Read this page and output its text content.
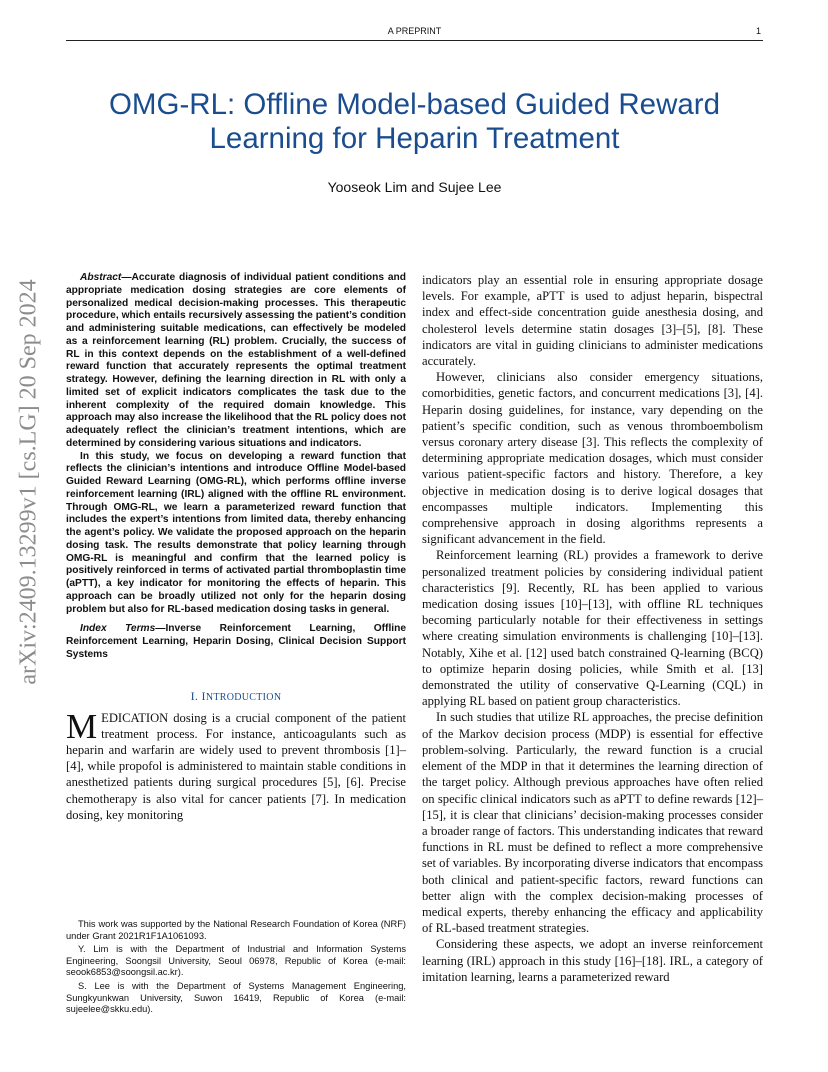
A PREPRINT	1
OMG-RL: Offline Model-based Guided Reward Learning for Heparin Treatment
Yooseok Lim and Sujee Lee
arXiv:2409.13299v1 [cs.LG] 20 Sep 2024

Abstract—Accurate diagnosis of individual patient conditions and appropriate medication dosing strategies are core elements of personalized medical decision-making processes. This therapeutic procedure, which entails recursively assessing the patient’s condition and administering suitable medications, can effectively be modeled as a reinforcement learning (RL) problem. Crucially, the success of RL in this context depends on the establishment of a well-defined reward function that accurately represents the optimal treatment strategy. However, defining the learning direction in RL with only a limited set of explicit indicators complicates the task due to the inherent complexity of the required domain knowledge. This approach may also increase the likelihood that the RL policy does not adequately reflect the clinician’s treatment intentions, which are determined by considering various situations and indicators.

In this study, we focus on developing a reward function that reflects the clinician’s intentions and introduce Offline Model-based Guided Reward Learning (OMG-RL), which performs offline inverse reinforcement learning (IRL) aligned with the offline RL environment. Through OMG-RL, we learn a parameterized reward function that includes the expert’s intentions from limited data, thereby enhancing the agent’s policy. We validate the proposed approach on the heparin dosing task. The results demonstrate that policy learning through OMG-RL is meaningful and confirm that the learned policy is positively reinforced in terms of activated partial thromboplastin time (aPTT), a key indicator for monitoring the effects of heparin. This approach can be broadly utilized not only for the heparin dosing problem but also for RL-based medication dosing tasks in general.

Index Terms—Inverse Reinforcement Learning, Offline Reinforcement Learning, Heparin Dosing, Clinical Decision Support Systems

I. INTRODUCTION

MEDICATION dosing is a crucial component of the patient treatment process. For instance, anticoagulants such as heparin and warfarin are widely used to prevent thrombosis [1]–[4], while propofol is administered to maintain stable conditions in anesthetized patients during surgical procedures [5], [6]. Precise chemotherapy is also vital for cancer patients [7]. In medication dosing, key monitoring

This work was supported by the National Research Foundation of Korea (NRF) under Grant 2021R1F1A1061093.

Y. Lim is with the Department of Industrial and Information Systems Engineering, Soongsil University, Seoul 06978, Republic of Korea (e-mail: seook6853@soongsil.ac.kr).

S. Lee is with the Department of Systems Management Engineering, Sungkyunkwan University, Suwon 16419, Republic of Korea (e-mail: sujeelee@skku.edu).

indicators play an essential role in ensuring appropriate dosage levels. For example, aPTT is used to adjust heparin, bispectral index and effect-side concentration guide anesthesia dosing, and cholesterol levels determine statin dosages [3]–[5], [8]. These indicators are vital in guiding clinicians to administer medications accurately.

However, clinicians also consider emergency situations, comorbidities, genetic factors, and concurrent medications [3], [4]. Heparin dosing guidelines, for instance, vary depending on the patient’s specific condition, such as venous thromboembolism versus coronary artery disease [3]. This reflects the complexity of determining appropriate medication dosages, which must consider various patient-specific factors and history. Therefore, a key objective in medication dosing is to derive logical dosages that encompasses multiple indicators. Implementing this comprehensive approach in dosing algorithms represents a significant advancement in the field.

Reinforcement learning (RL) provides a framework to derive personalized treatment policies by considering individual patient characteristics [9]. Recently, RL has been applied to various medication dosing issues [10]–[13], with offline RL techniques becoming particularly notable for their effectiveness in settings where creating simulation environments is challenging [10]–[13]. Notably, Xihe et al. [12] used batch constrained Q-learning (BCQ) to optimize heparin dosing policies, while Smith et al. [13] demonstrated the utility of conservative Q-Learning (CQL) in applying RL based on patient group characteristics.

In such studies that utilize RL approaches, the precise definition of the Markov decision process (MDP) is essential for effective problem-solving. Particularly, the reward function is a crucial element of the MDP in that it determines the learning direction of the target policy. Although previous approaches have often relied on specific clinical indicators such as aPTT to define rewards [12]–[15], it is clear that clinicians’ decision-making processes consider a broader range of factors. This understanding indicates that reward functions in RL must be defined to reflect a more comprehensive set of variables. By incorporating diverse indicators that encompass both clinical and patient-specific factors, reward functions can better align with the complex decision-making processes of medical experts, thereby enhancing the efficacy and applicability of RL-based treatment strategies.

Considering these aspects, we adopt an inverse reinforcement learning (IRL) approach in this study [16]–[18]. IRL, a category of imitation learning, learns a parameterized reward
